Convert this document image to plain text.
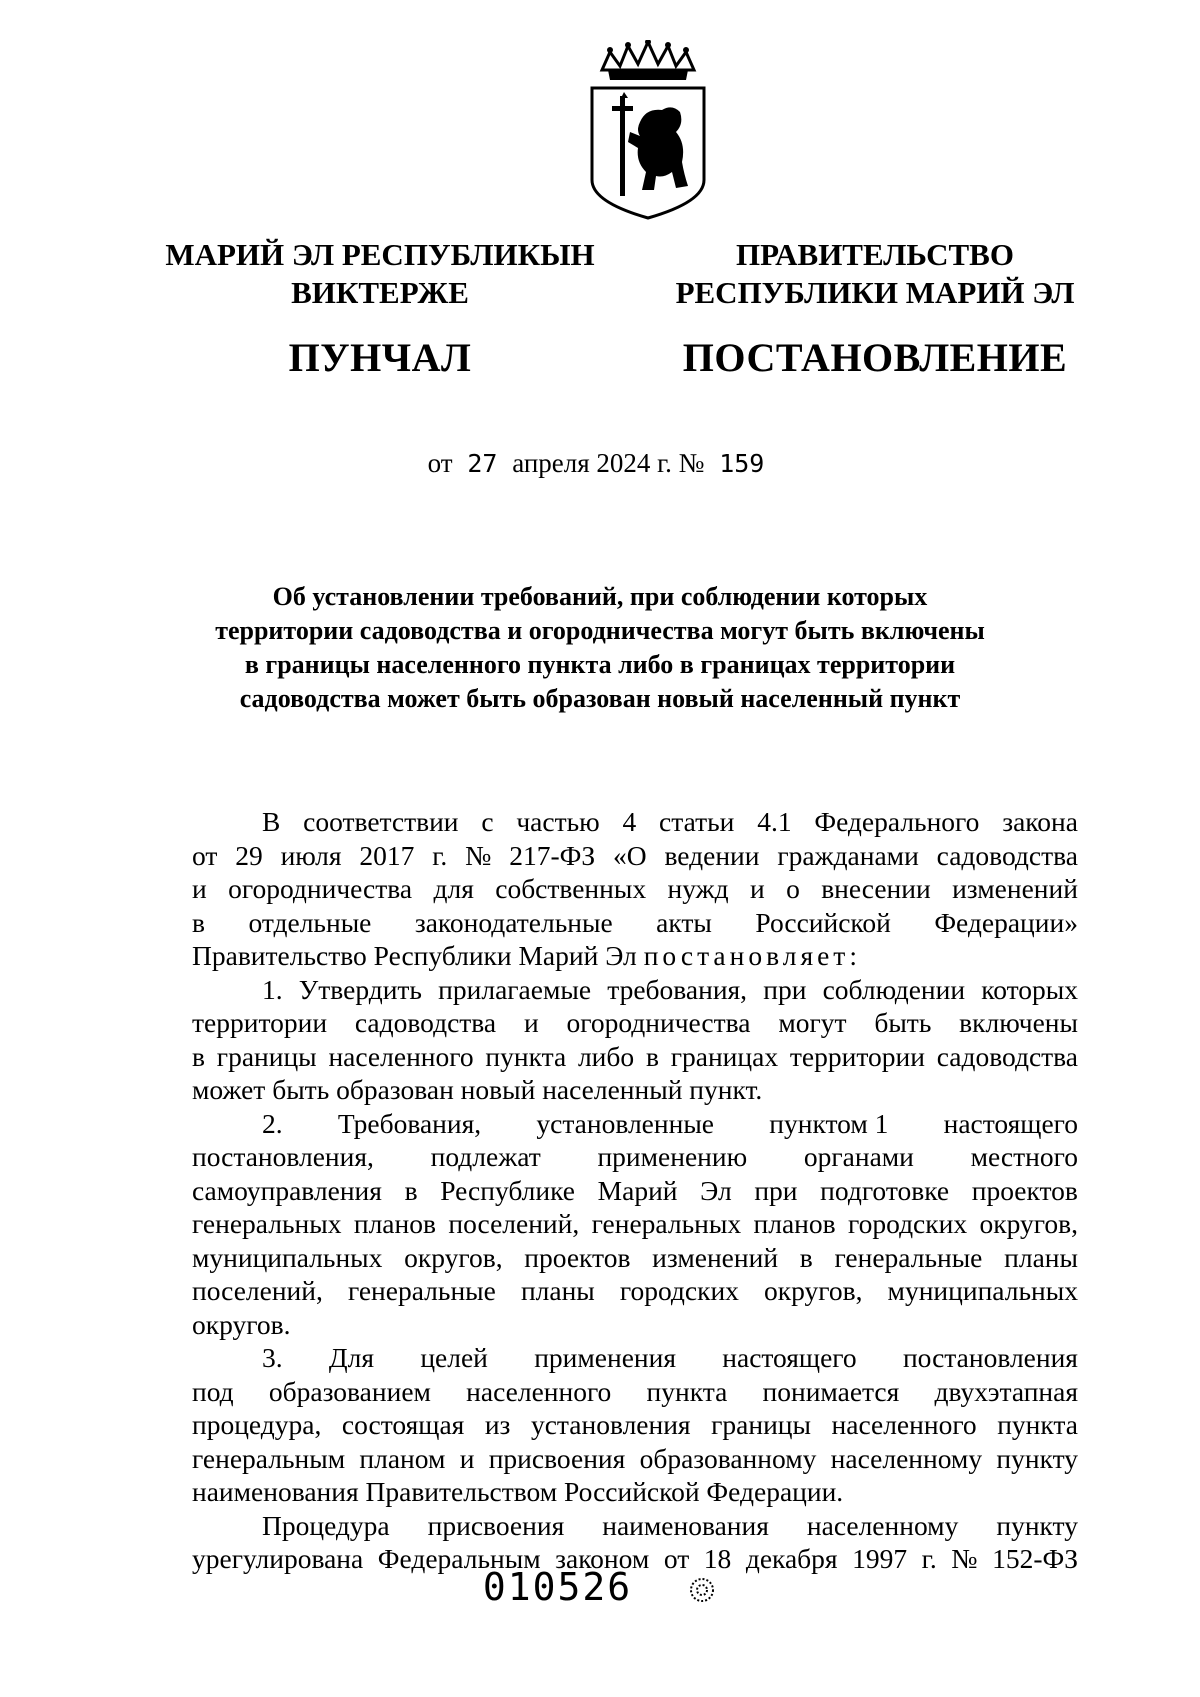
МАРИЙ ЭЛ РЕСПУБЛИКЫН
ВИКТЕРЖЕ
ПУНЧАЛ
ПРАВИТЕЛЬСТВО
РЕСПУБЛИКИ МАРИЙ ЭЛ
ПОСТАНОВЛЕНИЕ
от 27 апреля 2024 г. № 159
Об установлении требований, при соблюдении которых
территории садоводства и огородничества могут быть включены
в границы населенного пункта либо в границах территории
садоводства может быть образован новый населенный пункт
В соответствии с частью 4 статьи 4.1 Федерального закона
от 29 июля 2017 г. № 217-ФЗ «О ведении гражданами садоводства
и огородничества для собственных нужд и о внесении изменений
в отдельные законодательные акты Российской Федерации»
Правительство Республики Марий Эл постановляет:
1. Утвердить прилагаемые требования, при соблюдении которых
территории садоводства и огородничества могут быть включены
в границы населенного пункта либо в границах территории садоводства
может быть образован новый населенный пункт.
2. Требования, установленные пунктом 1 настоящего
постановления, подлежат применению органами местного
самоуправления в Республике Марий Эл при подготовке проектов
генеральных планов поселений, генеральных планов городских округов,
муниципальных округов, проектов изменений в генеральные планы
поселений, генеральные планы городских округов, муниципальных
округов.
3. Для целей применения настоящего постановления
под образованием населенного пункта понимается двухэтапная
процедура, состоящая из установления границы населенного пункта
генеральным планом и присвоения образованному населенному пункту
наименования Правительством Российской Федерации.
Процедура присвоения наименования населенному пункту
урегулирована Федеральным законом от 18 декабря 1997 г. № 152-ФЗ
010526
